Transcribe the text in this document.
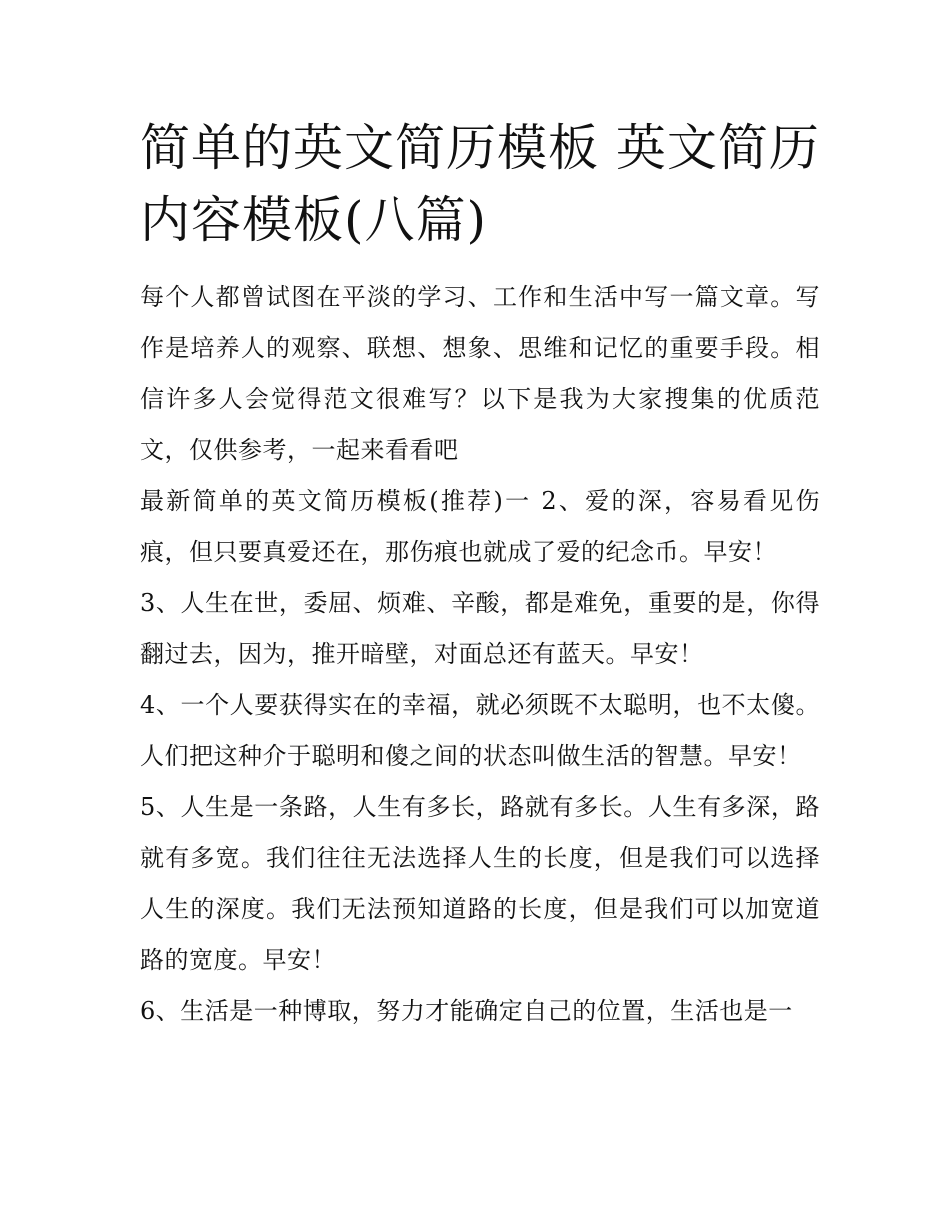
简单的英文简历模板 英文简历内容模板(八篇)

每个人都曾试图在平淡的学习、工作和生活中写一篇文章。写作是培养人的观察、联想、想象、思维和记忆的重要手段。相信许多人会觉得范文很难写？以下是我为大家搜集的优质范文，仅供参考，一起来看看吧

最新简单的英文简历模板(推荐)一 2、爱的深，容易看见伤痕，但只要真爱还在，那伤痕也就成了爱的纪念币。早安！

3、人生在世，委屈、烦难、辛酸，都是难免，重要的是，你得翻过去，因为，推开暗壁，对面总还有蓝天。早安！

4、一个人要获得实在的幸福，就必须既不太聪明，也不太傻。人们把这种介于聪明和傻之间的状态叫做生活的智慧。早安！

5、人生是一条路，人生有多长，路就有多长。人生有多深，路就有多宽。我们往往无法选择人生的长度，但是我们可以选择人生的深度。我们无法预知道路的长度，但是我们可以加宽道路的宽度。早安！

6、生活是一种博取，努力才能确定自己的位置，生活也是一
